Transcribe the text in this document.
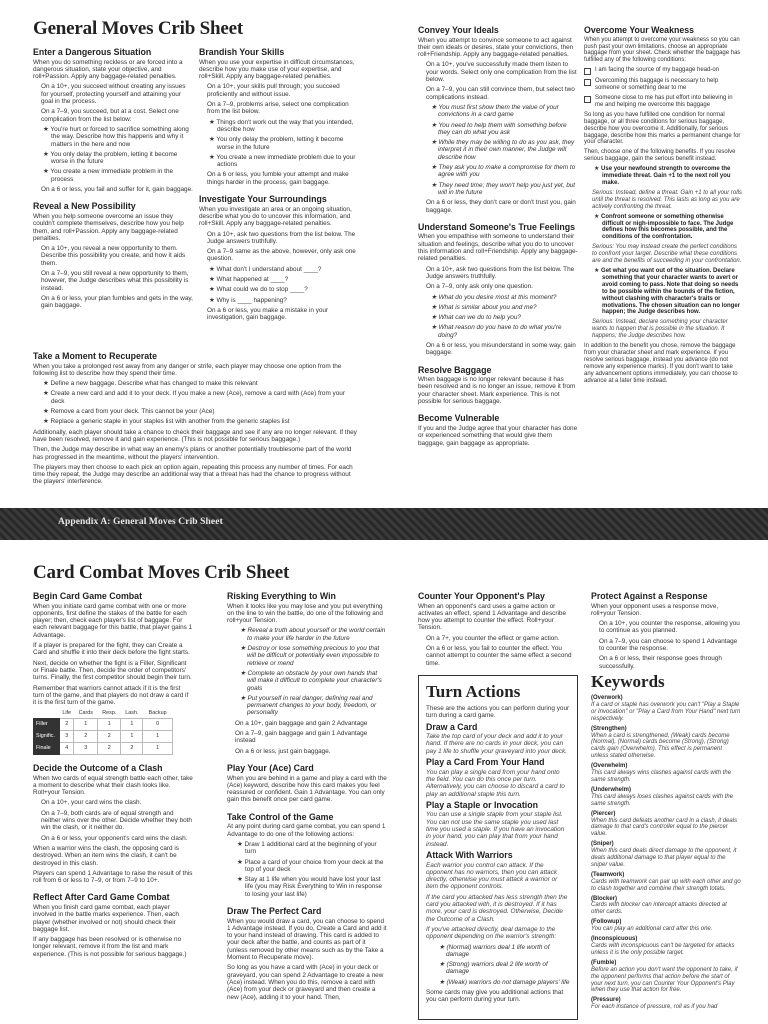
General Moves Crib Sheet
Enter a Dangerous Situation

When you do something reckless or are forced into a dangerous situation, state your objective, and roll+Passion. Apply any baggage-related penalties.

On a 10+, you succeed without creating any issues for yourself, protecting yourself and attaining your goal in the process.

On a 7–9, you succeed, but at a cost. Select one complication from the list below:

★ You're hurt or forced to sacrifice something along the way. Describe how this happens and why it matters in the here and now

★ You only delay the problem, letting it become worse in the future

★ You create a new immediate problem in the process

On a 6 or less, you fail and suffer for it, gain baggage.

Reveal a New Possibility

When you help someone overcome an issue they couldn't complete themselves, describe how you help them, and roll+Passion. Apply any baggage-related penalties.

On a 10+, you reveal a new opportunity to them. Describe this possibility you create, and how it aids them.

On a 7–9, you still reveal a new opportunity to them, however, the Judge describes what this possibility is instead.

On a 6 or less, your plan fumbles and gets in the way, gain baggage.

Brandish Your Skills

When you use your expertise in difficult circumstances, describe how you make use of your expertise, and roll+Skill. Apply any baggage-related penalties.

On a 10+, your skills pull through; you succeed proficiently and without issue.

On a 7–9, problems arise, select one complication from the list below.

★ Things don't work out the way that you intended, describe how

★ You only delay the problem, letting it become worse in the future

★ You create a new immediate problem due to your actions

On a 6 or less, you fumble your attempt and make things harder in the process, gain baggage.

Investigate Your Surroundings

When you investigate an area or an ongoing situation, describe what you do to uncover this information, and roll+Skill. Apply any baggage-related penalties.

On a 10+, ask two questions from the list below. The Judge answers truthfully.

On a 7–9 same as the above, however, only ask one question.

★ What don't I understand about ____?

★ What happened at ____?

★ What could we do to stop ____?

★ Why is ____ happening?

On a 6 or less, you make a mistake in your investigation, gain baggage.

Take a Moment to Recuperate

When you take a prolonged rest away from any danger or strife, each player may choose one option from the following list to describe how they spend their time.

★ Define a new baggage. Describe what has changed to make this relevant

★ Create a new card and add it to your deck. If you make a new (Ace), remove a card with (Ace) from your deck

★ Remove a card from your deck. This cannot be your (Ace)

★ Replace a generic staple in your staples list with another from the generic staples list

Additionally, each player should take a chance to check their baggage and see if any are no longer relevant. If they have been resolved, remove it and gain experience. (This is not possible for serious baggage.)

Then, the Judge may describe in what way an enemy's plans or another potentially troublesome part of the world has progressed in the meantime, without the players' intervention.

The players may then choose to each pick an option again, repeating this process any number of times. For each time they repeat, the Judge may describe an additional way that a threat has had the chance to progress without the players' interference.

Convey Your Ideals

When you attempt to convince someone to act against their own ideals or desires, state your convictions, then roll+Friendship. Apply any baggage-related penalties.

On a 10+, you've successfully made them listen to your words. Select only one complication from the list below.

On a 7–9, you can still convince them, but select two complications instead.

★ You must first show them the value of your convictions in a card game

★ You need to help them with something before they can do what you ask

★ While they may be willing to do as you ask, they interpret it in their own manner, the Judge will describe how

★ They ask you to make a compromise for them to agree with you

★ They need time; they won't help you just yet, but will in the future

On a 6 or less, they don't care or don't trust you, gain baggage.

Understand Someone's True Feelings

When you empathise with someone to understand their situation and feelings, describe what you do to uncover this information and roll+Friendship. Apply any baggage-related penalties.

On a 10+, ask two questions from the list below. The Judge answers truthfully.

On a 7–9, only ask only one question.

★ What do you desire most at this moment?

★ What is similar about you and me?

★ What can we do to help you?

★ What reason do you have to do what you're doing?

On a 6 or less, you misunderstand in some way, gain baggage.

Resolve Baggage

When baggage is no longer relevant because it has been resolved and is no longer an issue, remove it from your character sheet. Mark experience. This is not possible for serious baggage.

Become Vulnerable

If you and the Judge agree that your character has done or experienced something that would give them baggage, gain baggage as appropriate.

Overcome Your Weakness

When you attempt to overcome your weakness so you can push past your own limitations, choose an appropriate baggage from your sheet. Check whether the baggage has fulfilled any of the following conditions:

I am facing the source of my baggage head-on
Overcoming this baggage is necessary to help someone or something dear to me
Someone close to me has put effort into believing in me and helping me overcome this baggage

So long as you have fulfilled one condition for normal baggage, or all three conditions for serious baggage, describe how you overcome it. Additionally, for serious baggage, describe how this marks a permanent change for your character.

Then, choose one of the following benefits. If you resolve serious baggage, gain the serious benefit instead.

★ Use your newfound strength to overcome the immediate threat. Gain +1 to the next roll you make.

Serious: Instead, define a threat. Gain +1 to all your rolls until the threat is resolved. This lasts as long as you are actively confronting the threat.

★ Confront someone or something otherwise difficult or nigh-impossible to face. The Judge defines how this becomes possible, and the conditions of the confrontation.

Serious: You may instead create the perfect conditions to confront your target. Describe what these conditions are and the benefits of succeeding in your confrontation.

★ Get what you want out of the situation. Declare something that your character wants to avert or avoid coming to pass. Note that doing so needs to be possible within the bounds of the fiction, without clashing with character's traits or motivations. The chosen situation can no longer happen; the Judge describes how.

Serious: Instead, declare something your character wants to happen that is possible in the situation. It happens; the Judge describes how.

In addition to the benefit you chose, remove the baggage from your character sheet and mark experience. If you resolve serious baggage, instead you advance (do not remove any experience marks). If you don't want to take any advancement options immediately, you can choose to advance at a later time instead.

Appendix A: General Moves Crib Sheet
Card Combat Moves Crib Sheet
Begin Card Game Combat

When you initiate card game combat with one or more opponents, first define the stakes of the battle for each player; then, check each player's list of baggage. For each relevant baggage for this battle, that player gains 1 Advantage.

If a player is prepared for the fight, they can Create a Card and shuffle it into their deck before the fight starts.

Next, decide on whether the fight is a Filler, Significant or Finale battle. Then, decide the order of competitors' turns. Finally, the first competitor should begin their turn.

Remember that warriors cannot attack if it is the first turn of the game, and that players do not draw a card if it is the first turn of the game.

	Life	Cards	Resp.	Lash.	Backup
Filler	2	1	1	1	0
Signific.	3	2	2	1	1
Finale	4	3	2	2	1
Decide the Outcome of a Clash

When two cards of equal strength battle each other, take a moment to describe what their clash looks like. Roll+your Tension.

On a 10+, your card wins the clash.

On a 7–9, both cards are of equal strength and neither wins over the other. Decide whether they both win the clash, or it neither do.

On a 6 or less, your opponent's card wins the clash.

When a warrior wins the clash, the opposing card is destroyed. When an item wins the clash, it can't be destroyed in this clash.

Players can spend 1 Advantage to raise the result of this roll from 6 or less to 7–9, or from 7–9 to 10+.

Reflect After Card Game Combat

When you finish card game combat, each player involved in the battle marks experience. Then, each player (whether involved or not) should check their baggage list.

If any baggage has been resolved or is otherwise no longer relevant, remove it from the list and mark experience. (This is not possible for serious baggage.)

Risking Everything to Win

When it looks like you may lose and you put everything on the line to win the battle, do one of the following and roll+your Tension.

★ Reveal a truth about yourself or the world certain to make your life harder in the future

★ Destroy or lose something precious to you that will be difficult or potentially even impossible to retrieve or mend

★ Complete an obstacle by your own hands that will make it difficult to complete your character's goals

★ Put yourself in real danger, defining real and permanent changes to your body, freedom, or personality

On a 10+, gain baggage and gain 2 Advantage

On a 7–9, gain baggage and gain 1 Advantage instead

On a 6 or less, just gain baggage.

Play Your (Ace) Card

When you are behind in a game and play a card with the (Ace) keyword, describe how this card makes you feel reassured or confident. Gain 1 Advantage. You can only gain this benefit once per card game.

Take Control of the Game

At any point during card game combat, you can spend 1 Advantage to do one of the following actions:

★ Draw 1 additional card at the beginning of your turn

★ Place a card of your choice from your deck at the top of your deck

★ Stay at 1 life when you would have lost your last life (you may Risk Everything to Win in response to losing your last life)

Draw The Perfect Card

When you would draw a card, you can choose to spend 1 Advantage instead. If you do, Create a Card and add it to your hand instead of drawing. This card is added to your deck after the battle, and counts as part of it (unless removed by other means such as by the Take a Moment to Recuperate move).

So long as you have a card with (Ace) in your deck or graveyard, you can spend 2 Advantage to create a new (Ace) instead. When you do this, remove a card with (Ace) from your deck or graveyard and then create a new (Ace), adding it to your hand. Then,

Counter Your Opponent's Play

When an opponent's card uses a game action or activates an effect, spend 1 Advantage and describe how you attempt to counter the effect. Roll+your Tension.

On a 7+, you counter the effect or game action.

On a 6 or less, you fail to counter the effect. You cannot attempt to counter the same effect a second time.

Turn Actions

These are the actions you can perform during your turn during a card game.

Draw a Card

Take the top card of your deck and add it to your hand. If there are no cards in your deck, you can pay 1 life to shuffle your graveyard into your deck.

Play a Card From Your Hand

You can play a single card from your hand onto the field. You can do this once per turn. Alternatively, you can choose to discard a card to play an additional staple this turn.

Play a Staple or Invocation

You can use a single staple from your staple list. You can not use the same staple you used last time you used a staple. If you have an invocation in your hand, you can play that from your hand instead.

Attack With Warriors

Each warrior you control can attack. If the opponent has no warriors, then you can attack directly, otherwise you must attack a warrior or item the opponent controls.

If the card you attacked has less strength then the card you attacked with, it is destroyed. If it has more, your card is destroyed. Otherwise, Decide the Outcome of a Clash.

If you've attacked directly, deal damage to the opponent depending on the warrior's strength:

★ (Normal) warriors deal 1 life worth of damage

★ (Strong) warriors deal 2 life worth of damage

★ (Weak) warriors do not damage players' life

Some cards may give you additional actions that you can perform during your turn.

Protect Against a Response

When your opponent uses a response move, roll+your Tension.

On a 10+, you counter the response, allowing you to continue as you planned.

On a 7–9, you can choose to spend 1 Advantage to counter the response.

On a 6 or less, their response goes through successfully.

Keywords
(Overwork)
If a card or staple has overwork you can't "Play a Staple or Invocation" or "Play a Card from Your Hand" next turn respectively.
(Strengthen)
When a card is strengthened, (Weak) cards become (Normal), (Normal) cards become (Strong), (Strong) cards gain (Overwhelm). This effect is permanent unless stated otherwise.
(Overwhelm)
This card always wins clashes against cards with the same strength.
(Underwhelm)
This card always loses clashes against cards with the same strength.
(Piercer)
When this card defeats another card in a clash, it deals damage to that card's controller equal to the piercer value.
(Sniper)
When this card deals direct damage to the opponent, it deals additional damage to that player equal to the sniper value.
(Teamwork)
Cards with teamwork can pair up with each other and go to clash together and combine their strength totals.
(Blocker)
Cards with blocker can intercept attacks directed at other cards.
(Followup)
You can play an additional card after this one.
(Inconspicuous)
Cards with inconspicuous can't be targeted for attacks unless it is the only possible target.
(Fumble)
Before an action you don't want the opponent to take, if the opponent performs that action before the start of your next turn, you can Counter Your Opponent's Play when they use that action for free.
(Pressure)
For each instance of pressure, roll as if you had
